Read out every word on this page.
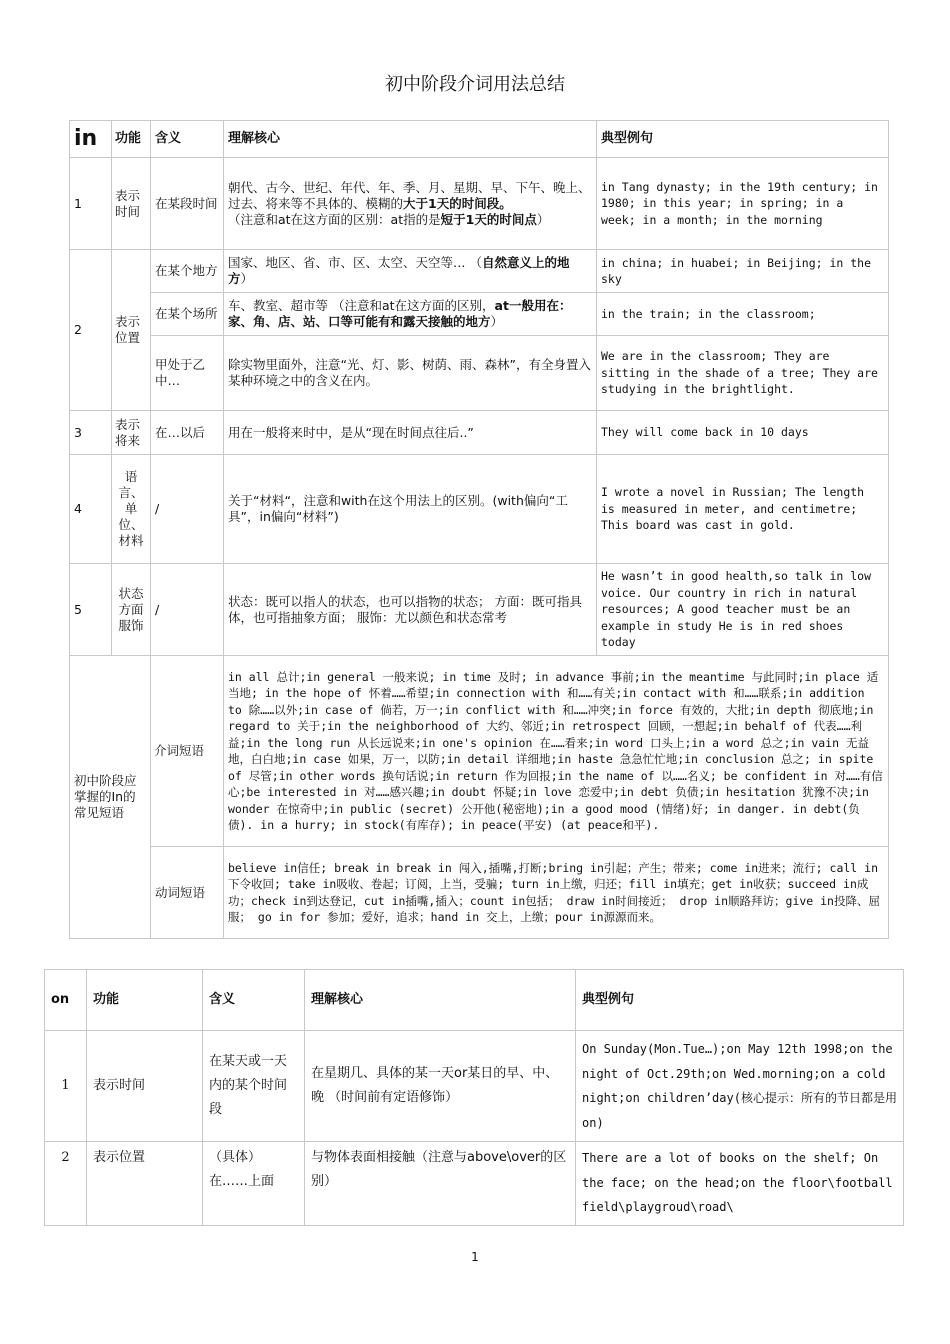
初中阶段介词用法总结
in	功能	含义	理解核心	典型例句
1	表示时间	在某段时间	朝代、古今、世纪、年代、年、季、月、星期、早、下午、晚上、过去、将来等不具体的、模糊的大于1天的时间段。
（注意和at在这方面的区别：at指的是短于1天的时间点）	in Tang dynasty; in the 19th century; in 1980; in this year; in spring; in a week; in a month; in the morning
2	表示位置	在某个地方	国家、地区、省、市、区、太空、天空等… （自然意义上的地方）	in china; in huabei; in Beijing; in the sky
		在某个场所	车、教室、超市等 （注意和at在这方面的区别，at一般用在：家、角、店、站、口等可能有和露天接触的地方）	in the train; in the classroom;
		甲处于乙中…	除实物里面外，注意“光、灯、影、树荫、雨、森林”，有全身置入某种环境之中的含义在内。	We are in the classroom; They are sitting in the shade of a tree; They are studying in the brightlight.
3	表示将来	在…以后	用在一般将来时中，是从“现在时间点往后..”	They will come back in 10 days
4	语言、单位、材料	/	关于“材料“，注意和with在这个用法上的区别。(with偏向“工具”，in偏向“材料”)	I wrote a novel in Russian; The length is measured in meter, and centimetre; This board was cast in gold.
5	状态方面服饰	/	状态：既可以指人的状态，也可以指物的状态； 方面：既可指具体，也可指抽象方面； 服饰：尤以颜色和状态常考	He wasn’t in good health,so talk in low voice. Our country in rich in natural resources; A good teacher must be an example in study He is in red shoes today
初中阶段应掌握的In的常见短语		介词短语	in all 总计;in general 一般来说; in time 及时; in advance 事前;in the meantime 与此同时;in place 适当地; in the hope of 怀着……希望;in connection with 和……有关;in contact with 和……联系;in addition to 除……以外;in case of 倘若，万一;in conflict with 和……冲突;in force 有效的，大批;in depth 彻底地;in regard to 关于;in the neighborhood of 大约、邻近;in retrospect 回顾，一想起;in behalf of 代表……利益;in the long run 从长远说来;in one's opinion 在……看来;in word 口头上;in a word 总之;in vain 无益地，白白地;in case 如果，万一，以防;in detail 详细地;in haste 急急忙忙地;in conclusion 总之; in spite of 尽管;in other words 换句话说;in return 作为回报;in the name of 以……名义; be confident in 对……有信心;be interested in 对……感兴趣;in doubt 怀疑;in love 恋爱中;in debt 负债;in hesitation 犹豫不决;in wonder 在惊奇中;in public (secret) 公开他(秘密地);in a good mood (情绪)好; in danger. in debt(负债). in a hurry; in stock(有库存); in peace(平安) (at peace和平).	
		动词短语	believe in信任; break in break in 闯入,插嘴,打断;bring in引起；产生；带来; come in进来；流行; call in下令收回; take in吸收、卷起；订阅，上当，受骗; turn in上缴，归还；fill in填充；get in收获；succeed in成功；check in到达登记，cut in插嘴,插入；count in包括； draw in时间接近； drop in顺路拜访；give in投降、屈服； go in for 参加；爱好，追求；hand in 交上，上缴；pour in源源而来。	
on	功能	含义	理解核心	典型例句
1	表示时间	在某天或一天内的某个时间段	在星期几、具体的某一天or某日的早、中、晚 （时间前有定语修饰）	On Sunday(Mon.Tue…);on May 12th 1998;on the night of Oct.29th;on Wed.morning;on a cold night;on children’day(核心提示：所有的节日都是用on)
2	表示位置	（具体）在……上面	与物体表面相接触（注意与above\over的区别）	There are a lot of books on the shelf; On the face; on the head;on the floor\football field\playgroud\road\
1
